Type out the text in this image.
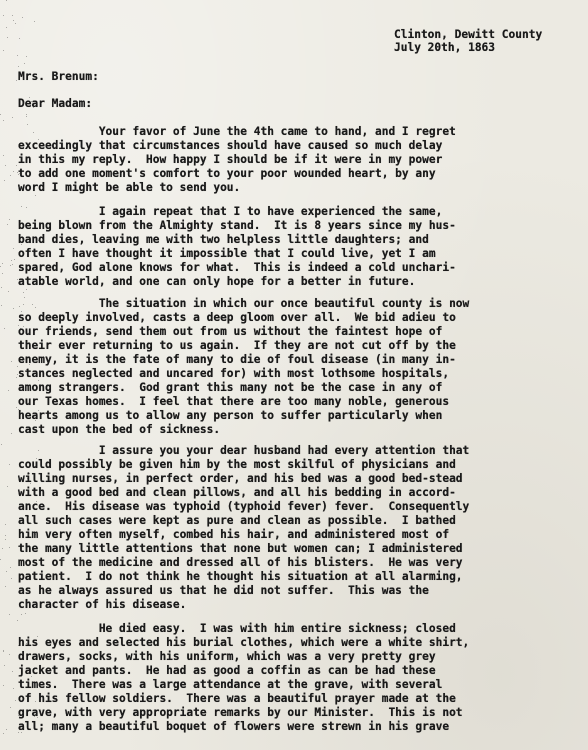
Clinton, Dewitt County
July 20th, 1863
Mrs. Brenum:
Dear Madam:
Your favor of June the 4th came to hand, and I regret
exceedingly that circumstances should have caused so much delay
in this my reply.  How happy I should be if it were in my power
to add one moment's comfort to your poor wounded heart, by any
word I might be able to send you.
I again repeat that I to have experienced the same,
being blown from the Almighty stand.  It is 8 years since my hus-
band dies, leaving me with two helpless little daughters; and
often I have thought it impossible that I could live, yet I am
spared, God alone knows for what.  This is indeed a cold unchari-
atable world, and one can only hope for a better in future.
The situation in which our once beautiful county is now
so deeply involved, casts a deep gloom over all.  We bid adieu to
our friends, send them out from us without the faintest hope of
their ever returning to us again.  If they are not cut off by the
enemy, it is the fate of many to die of foul disease (in many in-
stances neglected and uncared for) with most lothsome hospitals,
among strangers.  God grant this many not be the case in any of
our Texas homes.  I feel that there are too many noble, generous
hearts among us to allow any person to suffer particularly when
cast upon the bed of sickness.
I assure you your dear husband had every attention that
could possibly be given him by the most skilful of physicians and
willing nurses, in perfect order, and his bed was a good bed-stead
with a good bed and clean pillows, and all his bedding in accord-
ance.  His disease was typhoid (typhoid fever) fever.  Consequently
all such cases were kept as pure and clean as possible.  I bathed
him very often myself, combed his hair, and administered most of
the many little attentions that none but women can; I administered
most of the medicine and dressed all of his blisters.  He was very
patient.  I do not think he thought his situation at all alarming,
as he always assured us that he did not suffer.  This was the
character of his disease.
He died easy.  I was with him entire sickness; closed
his eyes and selected his burial clothes, which were a white shirt,
drawers, socks, with his uniform, which was a very pretty grey
jacket and pants.  He had as good a coffin as can be had these
times.  There was a large attendance at the grave, with several
of his fellow soldiers.  There was a beautiful prayer made at the
grave, with very appropriate remarks by our Minister.  This is not
all; many a beautiful boquet of flowers were strewn in his grave
